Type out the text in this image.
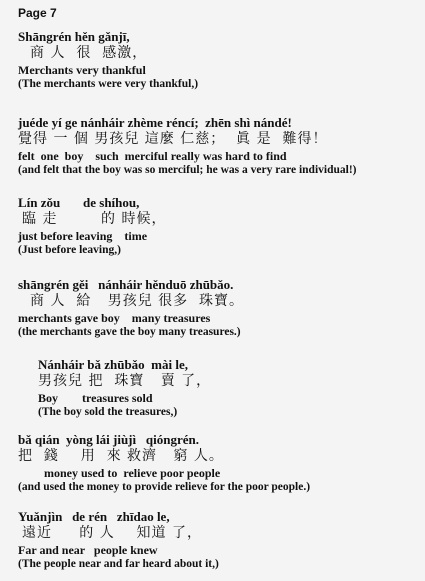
Page 7
Shāngrén hěn gǎnjī,
商 人  很  感激，
Merchants very thankful
(The merchants were very thankful,)
juéde yí ge nánháir zhème réncí;  zhēn shì nándé!
覺得 一 個 男孩兒 這麼 仁慈；  眞 是  難得！
felt  one  boy    such  merciful really was hard to find
(and felt that the boy was so merciful; he was a very rare individual!)
Lín zǒu       de shíhou,
臨 走        的 時候，
just before leaving    time
(Just before leaving,)
shāngrén gěi   nánháir hěnduō zhūbǎo.
商 人  給   男孩兒 很多  珠寶。
merchants gave boy    many treasures
(the merchants gave the boy many treasures.)
Nánháir bǎ zhūbǎo  mài le,
男孩兒 把  珠寶   賣 了，
Boy        treasures sold
(The boy sold the treasures,)
bǎ qián  yòng lái jiùjì   qióngrén.
把  錢    用  來 救濟   窮 人。
money used to  relieve poor people
(and used the money to provide relieve for the poor people.)
Yuǎnjìn   de rén   zhīdao le,
遠近     的 人    知道 了，
Far and near   people knew
(The people near and far heard about it,)
